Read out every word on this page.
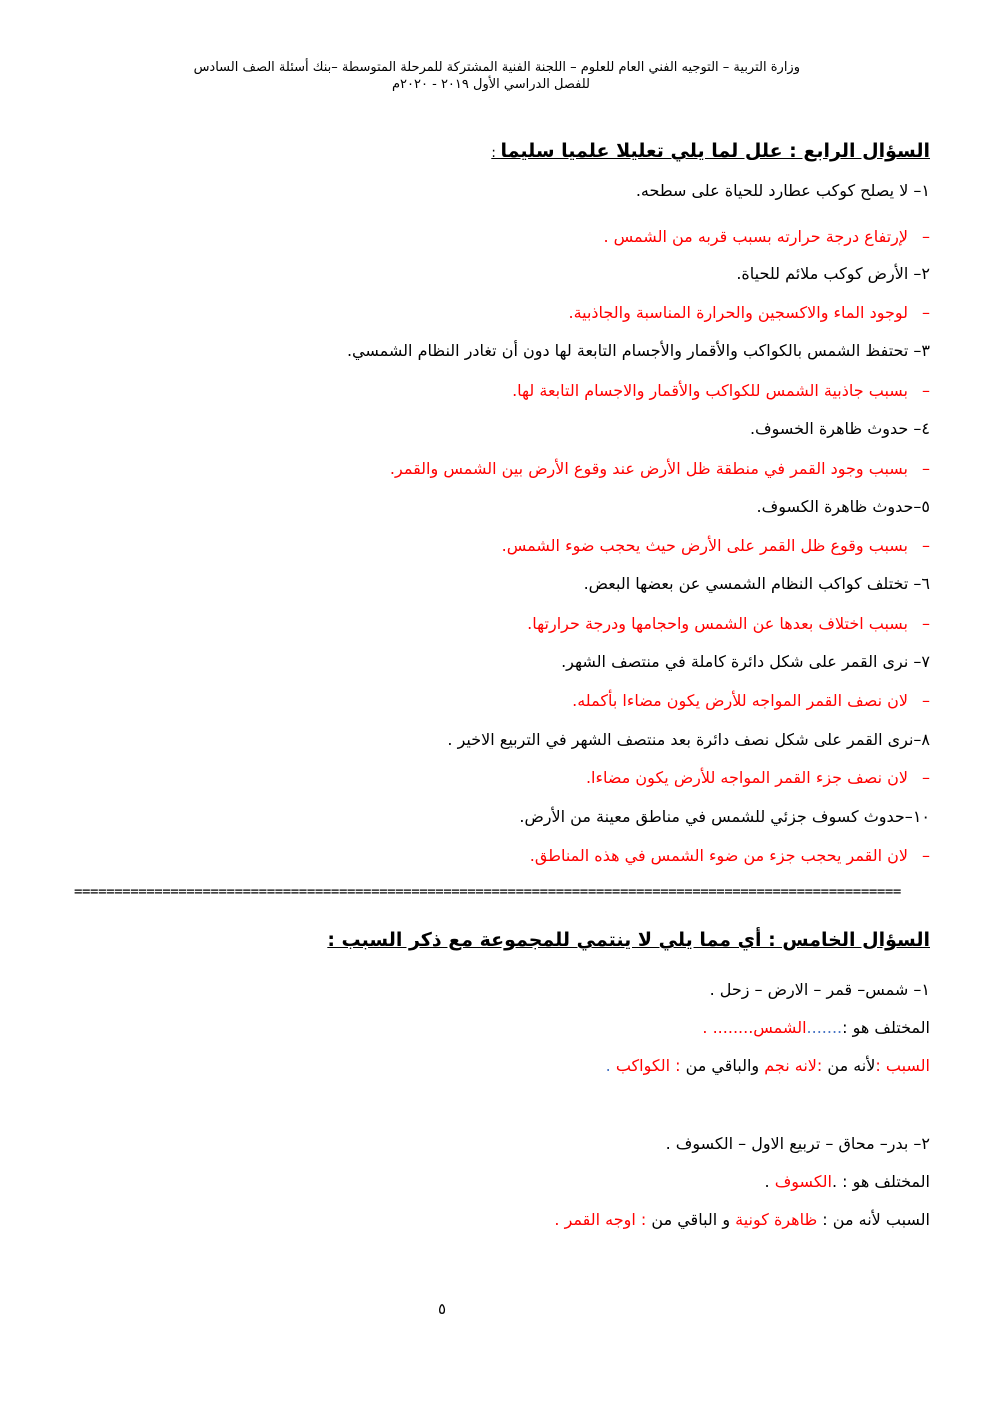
وزارة التربية – التوجيه الفني العام للعلوم – اللجنة الفنية المشتركة للمرحلة المتوسطة –بنك أسئلة الصف السادس
للفصل الدراسي الأول ٢٠١٩ - ٢٠٢٠م
السؤال الرابع : علل لما يلي تعليلا علميا سليما :
١– لا يصلح كوكب عطارد للحياة على سطحه.
–لإرتفاع درجة حرارته بسبب قربه من الشمس .
٢– الأرض كوكب ملائم للحياة.
–لوجود الماء والاكسجين والحرارة المناسبة والجاذبية.
٣– تحتفظ الشمس بالكواكب والأقمار والأجسام التابعة لها دون أن تغادر النظام الشمسي.
–بسبب جاذبية الشمس للكواكب والأقمار والاجسام التابعة لها.
٤– حدوث ظاهرة الخسوف.
–بسبب وجود القمر في منطقة ظل الأرض عند وقوع الأرض بين الشمس والقمر.
٥–حدوث ظاهرة الكسوف.
–بسبب وقوع ظل القمر على الأرض حيث يحجب ضوء الشمس.
٦– تختلف كواكب النظام الشمسي عن بعضها البعض.
–بسبب اختلاف بعدها عن الشمس واحجامها ودرجة حرارتها.
٧– نرى القمر على شكل دائرة كاملة في منتصف الشهر.
–لان نصف القمر المواجه للأرض يكون مضاءا بأكمله.
٨–نرى القمر على شكل نصف دائرة بعد منتصف الشهر في التربيع الاخير .
–لان نصف جزء القمر المواجه للأرض يكون مضاءا.
١٠–حدوث كسوف جزئي للشمس في مناطق معينة من الأرض.
–لان القمر يحجب جزء من ضوء الشمس في هذه المناطق.
=======================================================================================================
السؤال الخامس : أي مما يلي لا ينتمي للمجموعة مع ذكر السبب :
١– شمس– قمر – الارض – زحل .
المختلف هو :.......الشمس........ .
السبب :لأنه من :لانه نجم والباقي من : الكواكب .
٢– بدر– محاق – تربيع الاول – الكسوف .
المختلف هو : .الكسوف .
السبب لأنه من : ظاهرة كونية و الباقي من : اوجه القمر .
٥
